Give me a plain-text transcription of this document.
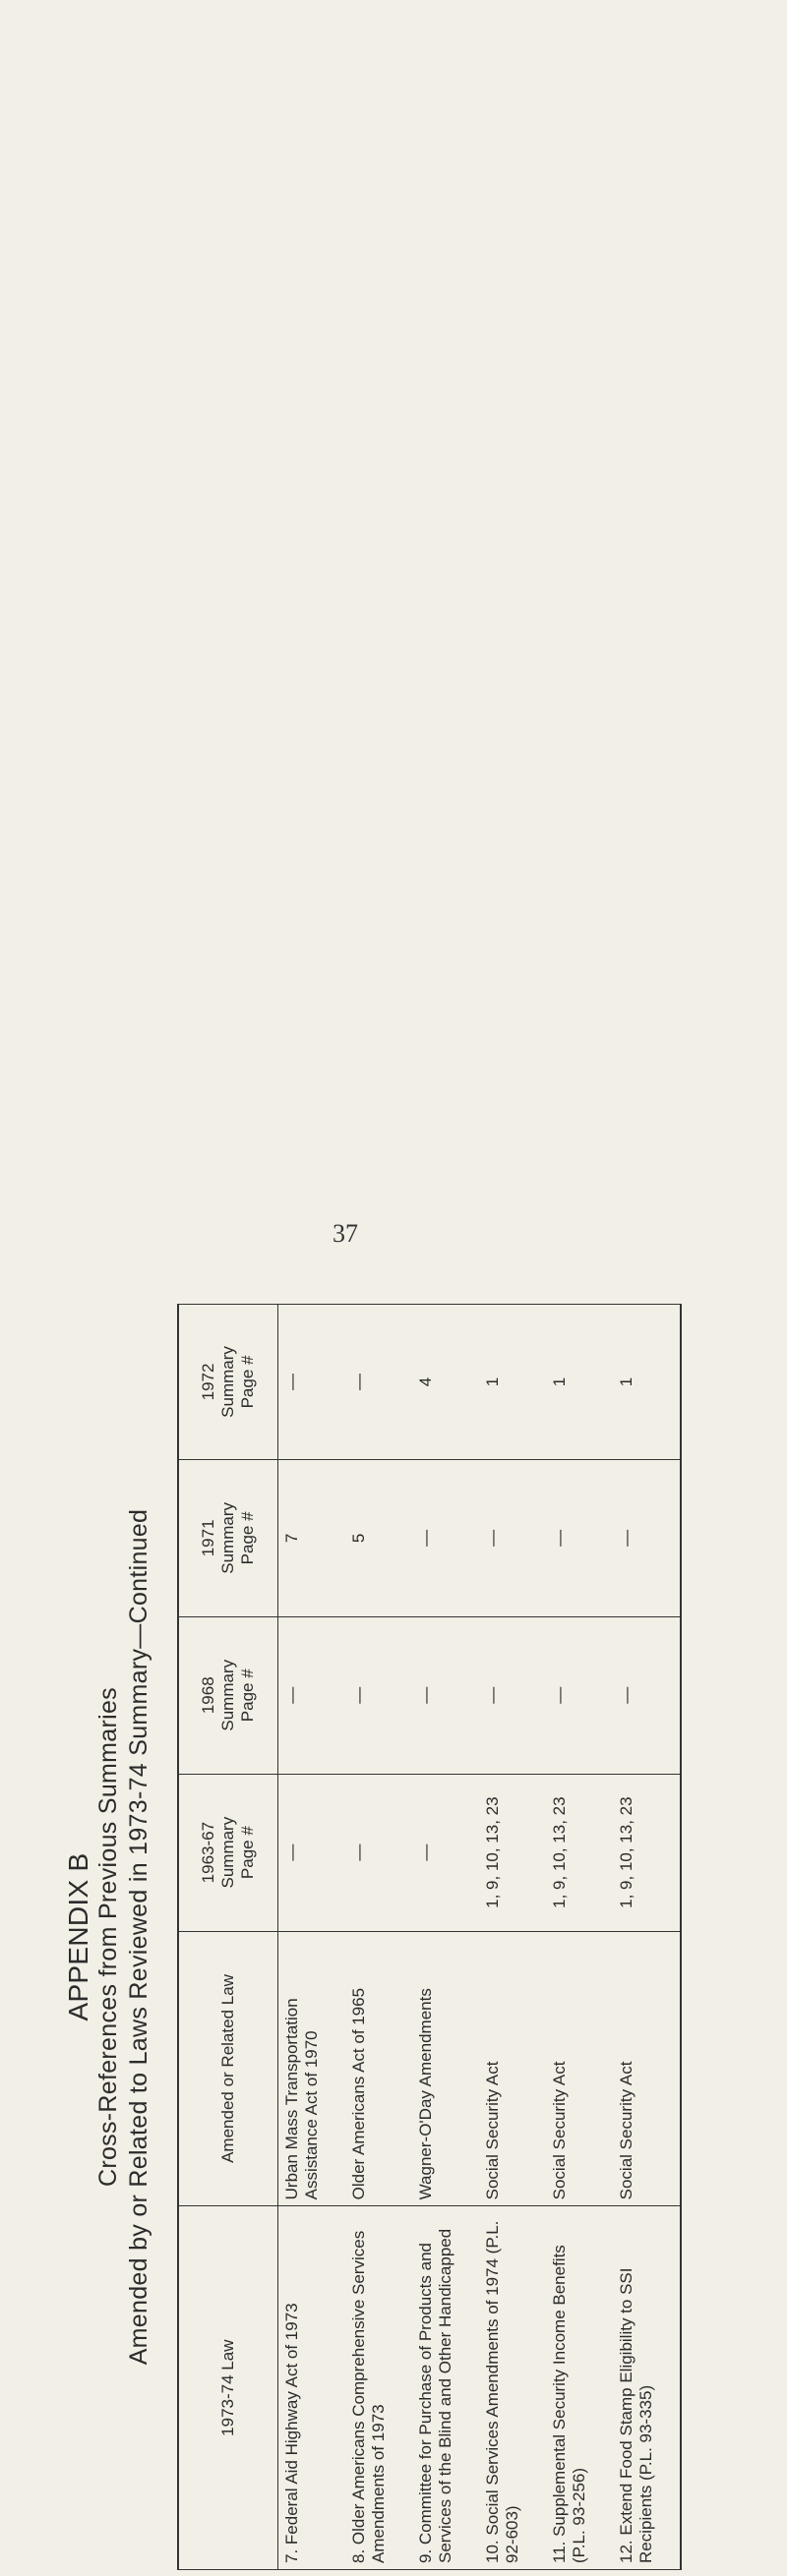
37
APPENDIX B Cross-References from Previous Summaries Amended by or Related to Laws Reviewed in 1973-74 Summary—Continued
1973-74 Law	Amended or Related Law	1963-67 Summary Page #	1968 Summary Page #	1971 Summary Page #	1972 Summary Page #

7. Federal Aid Highway Act of 1973	Urban Mass Transportation Assistance Act of 1970	—	—	7	—
8. Older Americans Comprehensive Services Amendments of 1973	Older Americans Act of 1965	—	—	5	—
9. Committee for Purchase of Products and Services of the Blind and Other Handicapped	Wagner-O'Day Amendments	—	—	—	4
10. Social Services Amendments of 1974 (P.L. 92-603)	Social Security Act	1, 9, 10, 13, 23	—	—	1
11. Supplemental Security Income Benefits (P.L. 93-256)	Social Security Act	1, 9, 10, 13, 23	—	—	1
12. Extend Food Stamp Eligibility to SSI Recipients (P.L. 93-335)	Social Security Act	1, 9, 10, 13, 23	—	—	1
